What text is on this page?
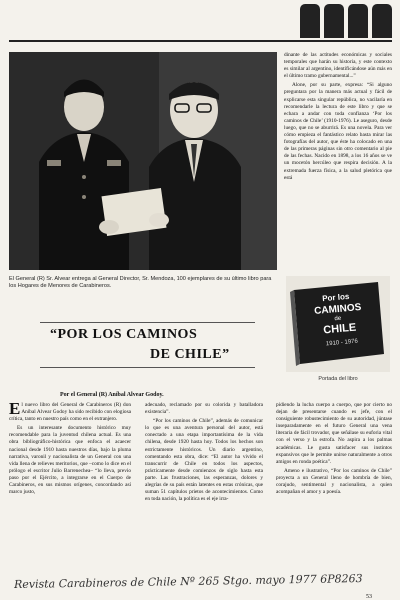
El General (R) Sr. Alvear entrega al General Director, Sr. Mendoza, 100 ejemplares de su último libro para los Hogares de Menores de Carabineros.

dinante de las actitudes económicas y sociales temporales que harán su historia, y este contexto es similar al argentino, identificándose aún más en el último tramo gubernamental...”

Alone, por su parte, expresa: “Si alguno preguntara por la manera más actual y fácil de explicarse esta singular república, no vacilaría en recomendarle la lectura de este libro y que se echara a andar con toda confianza ‘Por los caminos de Chile’ (1910-1976). Le aseguro, desde luego, que no se aburrirá. Es una novela. Para ver cómo empieza el fantástico relato basta mirar las fotografías del autor, que éste ha colocado en una de las primeras páginas sin otro comentario al pie de las fechas. Nacido en 1898, a los 16 años se ve un mocetón hercúleo que respira decisión. A la extremada fuerza física, a la salud pletórica que está

Por los
CAMINOS
de
CHILE
1910 - 1976
Portada del libro
“POR LOS CAMINOS
DE CHILE”
Por el General (R) Aníbal Alvear Godoy.

El nuevo libro del General de Carabineros (R) don Aníbal Alvear Godoy ha sido recibido con elogiosa crítica, tanto en nuestro país como en el extranjero.

Es un interesante documento histórico muy recomendable para la juventud chilena actual. Es una obra bibliográfico-histórica que enfoca el acaecer nacional desde 1910 hasta nuestros días, bajo la pluma narrativa, varonil y nacionalista de un General con una vida llena de relieves meritorios, que –como lo dice en el prólogo el escritor Julio Barrenechea– “lo lleva, previo paso por el Ejército, a integrarse en el Cuerpo de Carabineros, en sus mismos orígenes, concordando así marco justo,

adecuado, reclamado por su colorida y batalladora existencia”.

“Por los caminos de Chile”, además de comunicar lo que es una aventura personal del autor, está conectado a una etapa importantísima de la vida chilena, desde 1920 hasta hoy. Todos los hechos son estrictamente históricos. Un diario argentino, comentando esta obra, dice: “El autor ha vivido el transcurrir de Chile en todos los aspectos, prácticamente desde comienzos de siglo hasta esta parte. Las frustraciones, las esperanzas, dolores y alegrías de su país están latentes en estas crónicas, que suman 51 capítulos prietos de acontecimientos. Como en toda nación, la política es el eje irra-

pidiendo la lucha cuerpo a cuerpo, que por cierto no dejan de presentarse cuando es jefe, con el consiguiente robustecimiento de su autoridad, júntase inseparadamente en el futuro General una vena literaria de fácil trovador, que señálase su euforia vital con el verso y la estrofa. No aspira a los palmas académicas. Le gusta satisfacer sus instintos expansivos que le permite unirse naturalmente a otros amigos en ronda poética”.

Ameno e ilustrativo, “Por los caminos de Chile” proyecta a un General lleno de hombría de bien, corajudo, sentimental y nacionalista, a quien acompañan el amor y a poesía.

Revista Carabineros de Chile Nº 265 Stgo. mayo 1977 6P8263
53
